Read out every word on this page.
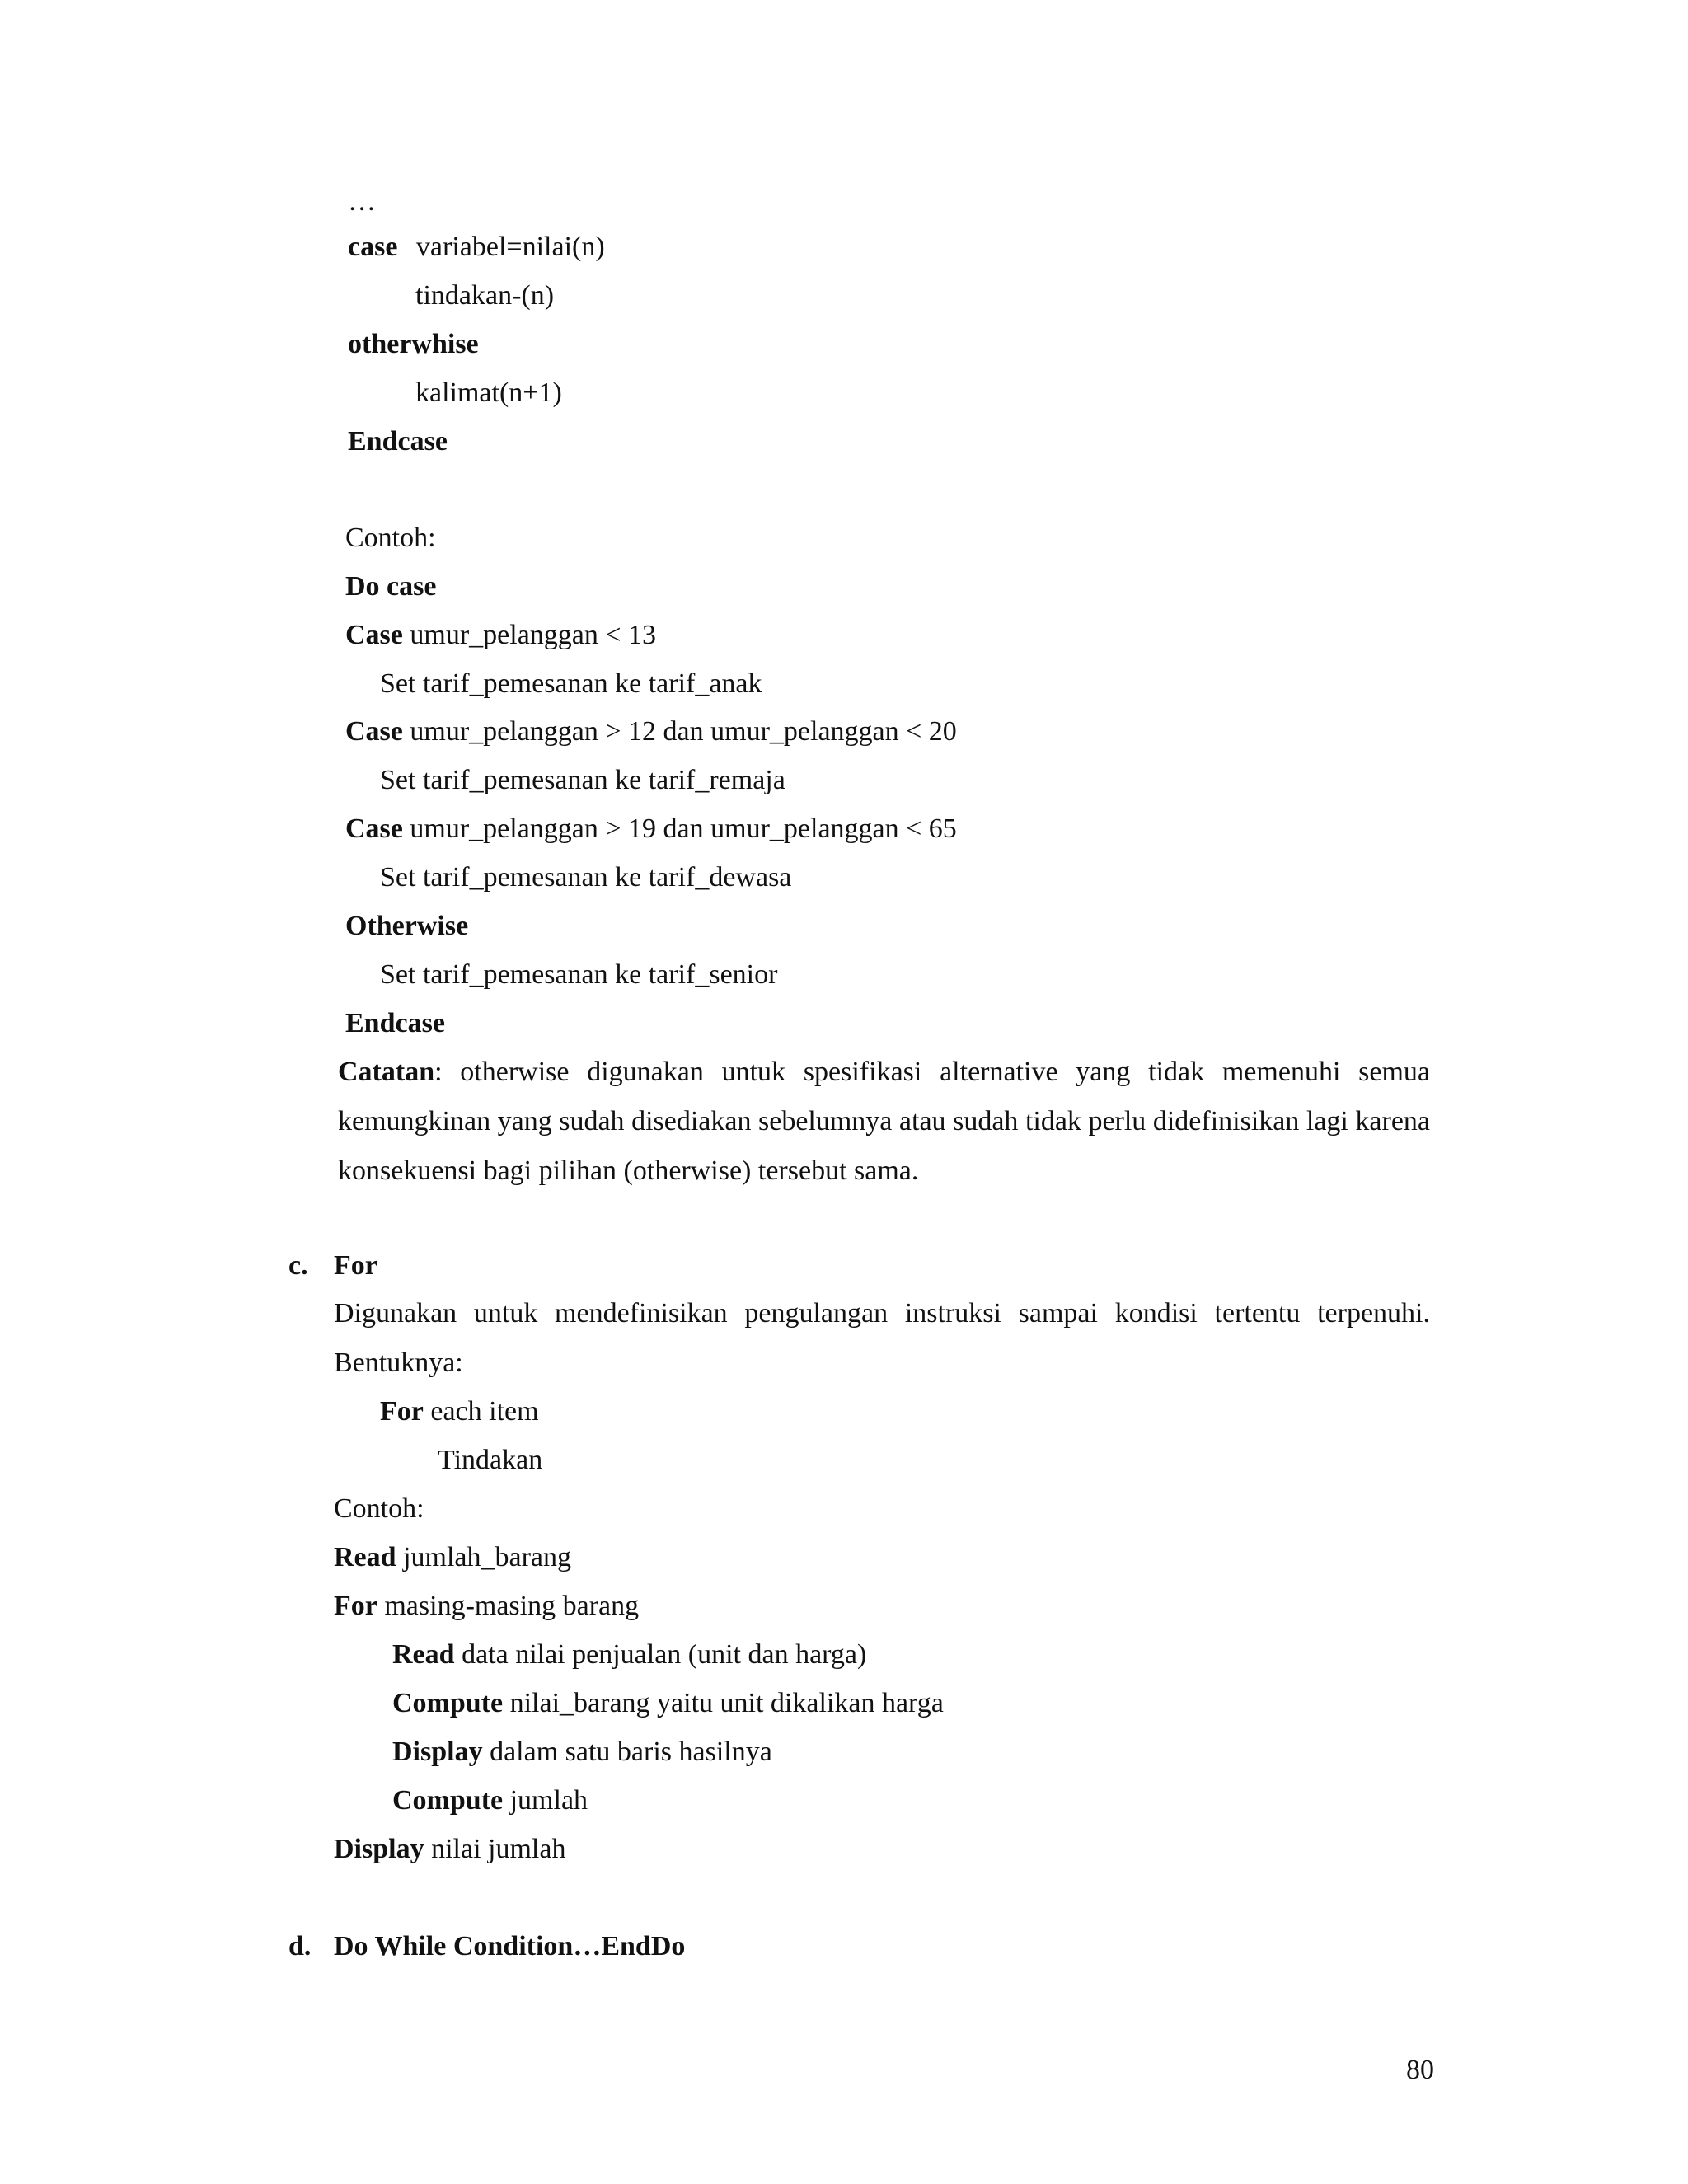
…
case variabel=nilai(n)
tindakan-(n)
otherwhise
kalimat(n+1)
Endcase
Contoh:
Do case
Case umur_pelanggan < 13
Set tarif_pemesanan ke tarif_anak
Case umur_pelanggan > 12 dan umur_pelanggan < 20
Set tarif_pemesanan ke tarif_remaja
Case umur_pelanggan > 19 dan umur_pelanggan < 65
Set tarif_pemesanan ke tarif_dewasa
Otherwise
Set tarif_pemesanan ke tarif_senior
Endcase

Catatan: otherwise digunakan untuk spesifikasi alternative yang tidak memenuhi semua kemungkinan yang sudah disediakan sebelumnya atau sudah tidak perlu didefinisikan lagi karena konsekuensi bagi pilihan (otherwise) tersebut sama.

c. For

Digunakan untuk mendefinisikan pengulangan instruksi sampai kondisi tertentu terpenuhi. Bentuknya:

For each item
Tindakan
Contoh:
Read jumlah_barang
For masing-masing barang
Read data nilai penjualan (unit dan harga)
Compute nilai_barang yaitu unit dikalikan harga
Display dalam satu baris hasilnya
Compute jumlah
Display nilai jumlah
d. Do While Condition…EndDo
80
